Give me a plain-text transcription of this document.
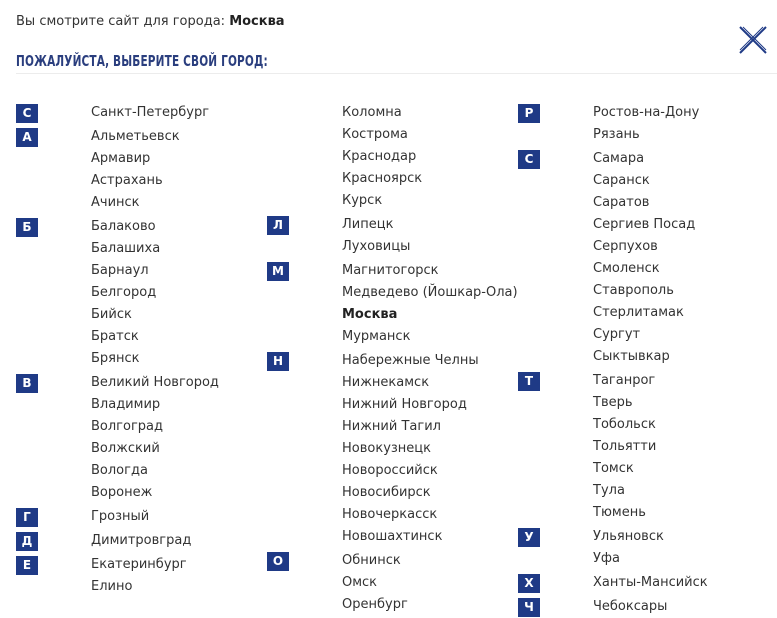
Вы смотрите сайт для города: Москва
ПОЖАЛУЙСТА, ВЫБЕРИТЕ СВОЙ ГОРОД:
С	Санкт-Петербург
А	Альметьевск
Армавир
Астрахань
Ачинск
Б	Балаково
Балашиха
Барнаул
Белгород
Бийск
Братск
Брянск
В	Великий Новгород
Владимир
Волгоград
Волжский
Вологда
Воронеж
Г	Грозный
Д	Димитровград
Е	Екатеринбург
Елино
Коломна
Кострома
Краснодар
Красноярск
Курск
Л	Липецк
Луховицы
М	Магнитогорск
Медведево (Йошкар-Ола)
Москва
Мурманск
Н	Набережные Челны
Нижнекамск
Нижний Новгород
Нижний Тагил
Новокузнецк
Новороссийск
Новосибирск
Новочеркасск
Новошахтинск
О	Обнинск
Омск
Оренбург
Р	Ростов-на-Дону
Рязань
С	Самара
Саранск
Саратов
Сергиев Посад
Серпухов
Смоленск
Ставрополь
Стерлитамак
Сургут
Сыктывкар
Т	Таганрог
Тверь
Тобольск
Тольятти
Томск
Тула
Тюмень
У	Ульяновск
Уфа
Х	Ханты-Мансийск
Ч	Чебоксары
